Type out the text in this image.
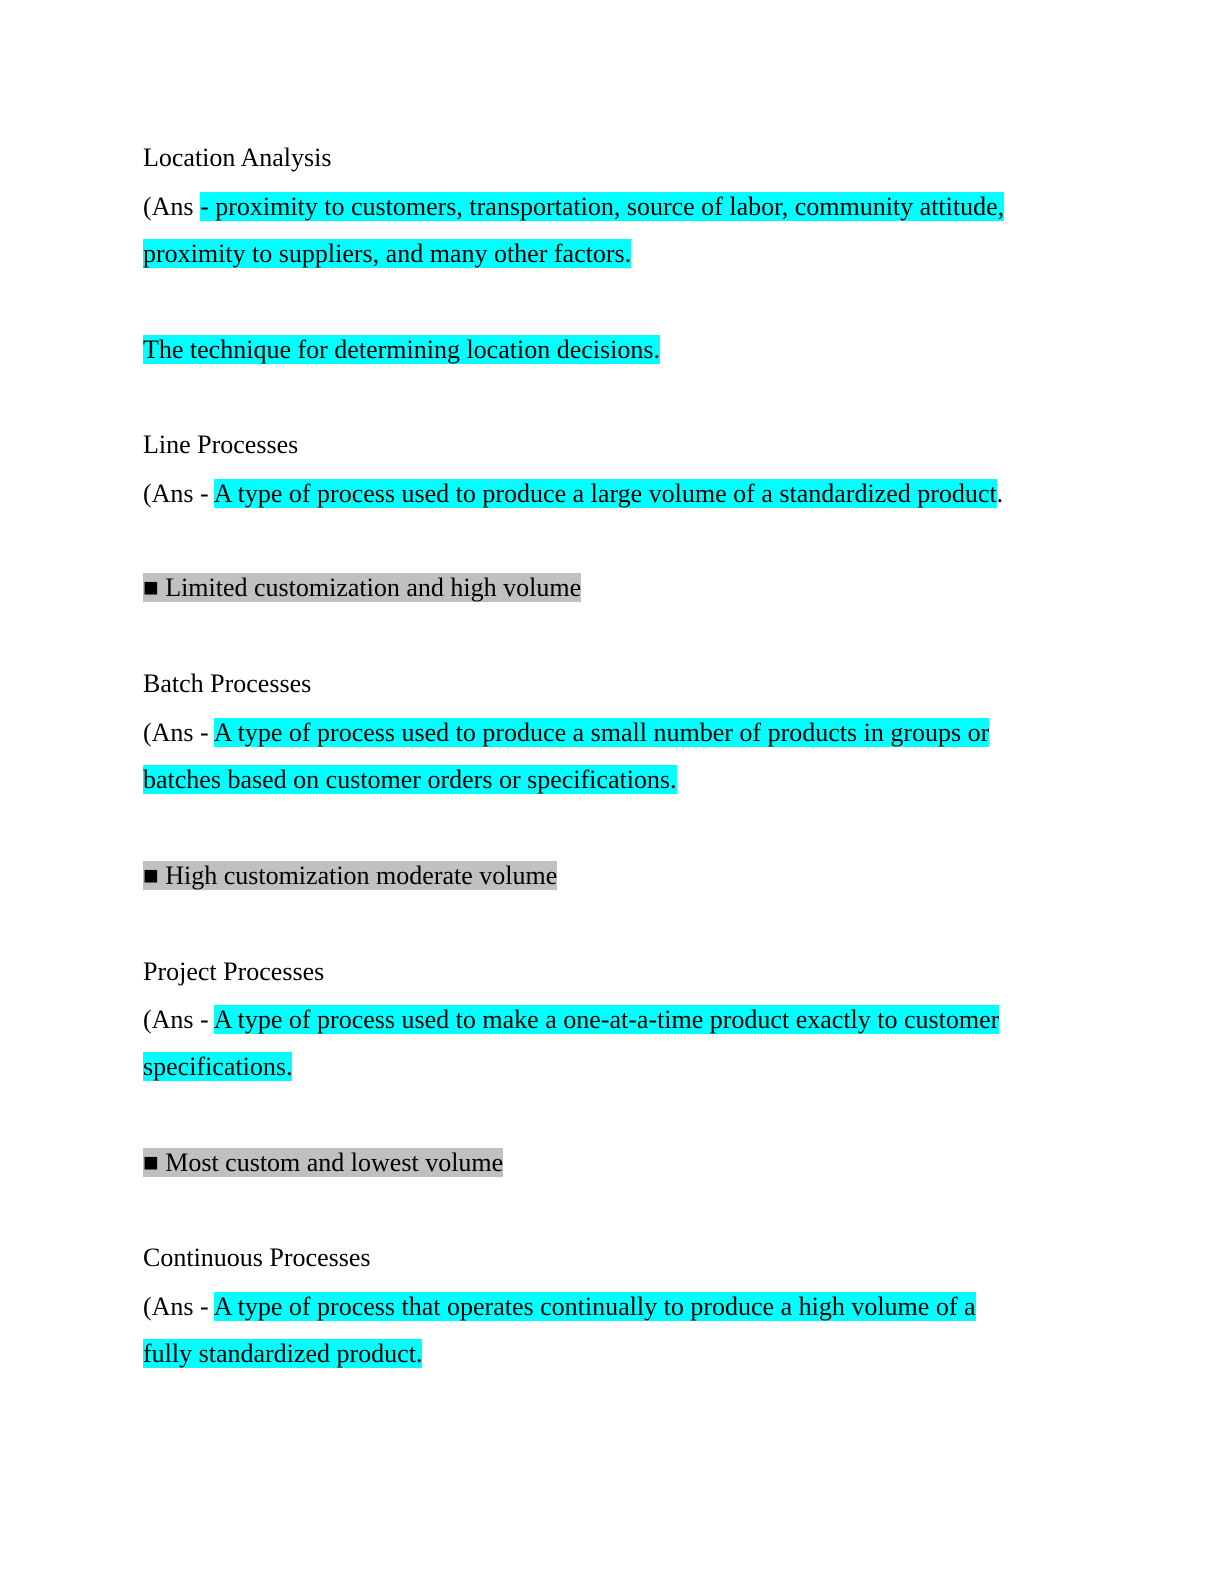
Location Analysis
(Ans - proximity to customers, transportation, source of labor, community attitude,
proximity to suppliers, and many other factors.
The technique for determining location decisions.
Line Processes
(Ans - A type of process used to produce a large volume of a standardized product.
■ Limited customization and high volume
Batch Processes
(Ans - A type of process used to produce a small number of products in groups or
batches based on customer orders or specifications.
■ High customization moderate volume
Project Processes
(Ans - A type of process used to make a one-at-a-time product exactly to customer
specifications.
■ Most custom and lowest volume
Continuous Processes
(Ans - A type of process that operates continually to produce a high volume of a
fully standardized product.
